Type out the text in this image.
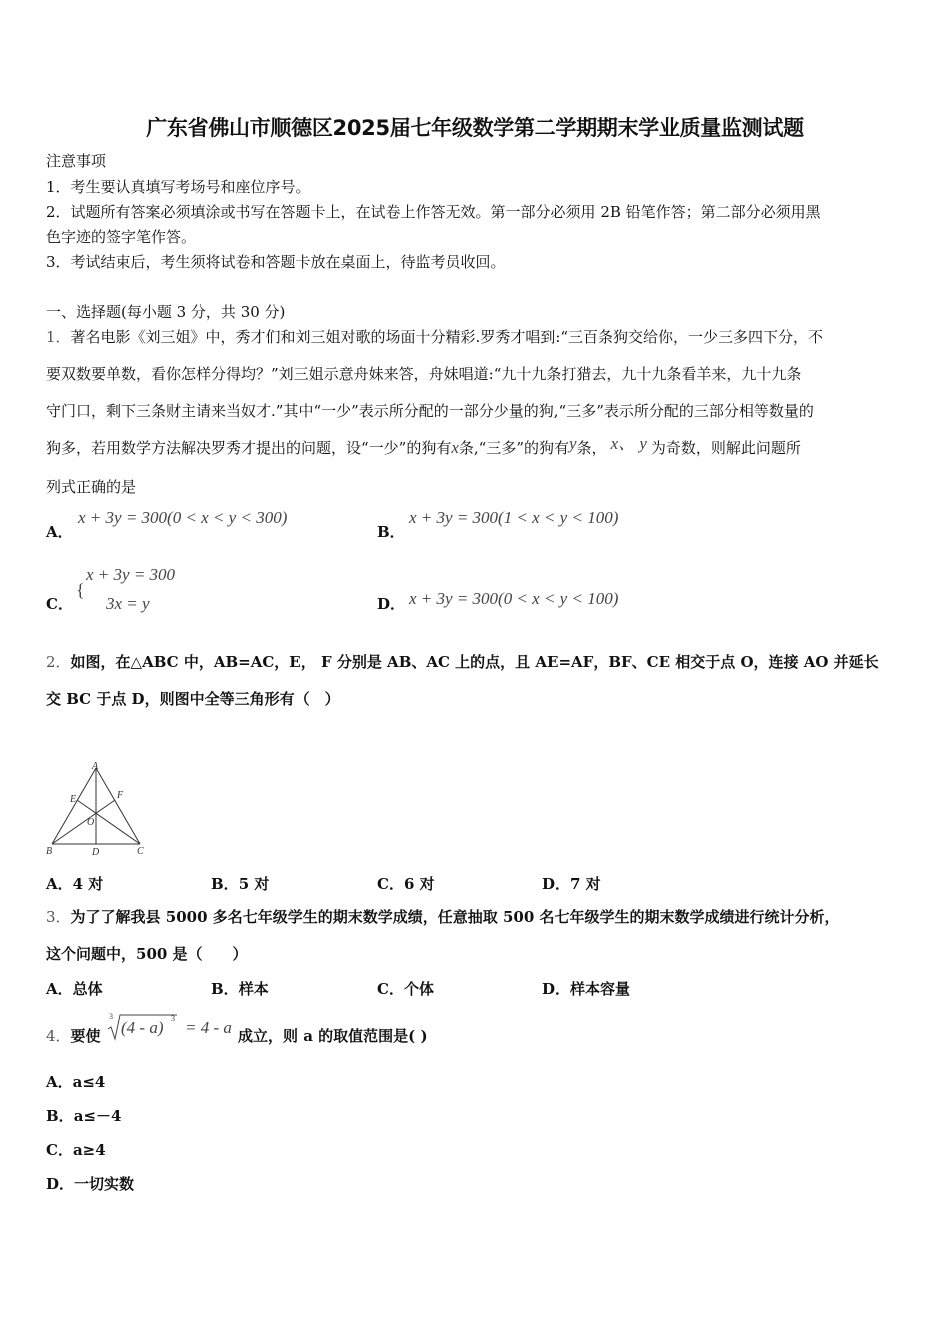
广东省佛山市顺德区2025届七年级数学第二学期期末学业质量监测试题
注意事项
1．考生要认真填写考场号和座位序号。
2．试题所有答案必须填涂或书写在答题卡上，在试卷上作答无效。第一部分必须用 2B 铅笔作答；第二部分必须用黑
色字迹的签字笔作答。
3．考试结束后，考生须将试卷和答题卡放在桌面上，待监考员收回。
一、选择题(每小题 3 分，共 30 分)
1．著名电影《刘三姐》中，秀才们和刘三姐对歌的场面十分精彩.罗秀才唱到:“三百条狗交给你，一少三多四下分，不
要双数要单数，看你怎样分得均？”刘三姐示意舟妹来答，舟妹唱道:“九十九条打猎去，九十九条看羊来，九十九条
守门口，剩下三条财主请来当奴才.”其中“一少”表示所分配的一部分少量的狗,“三多”表示所分配的三部分相等数量的
狗多，若用数学方法解决罗秀才提出的问题，设“一少”的狗有x条,“三多”的狗有y条， x、 y 为奇数，则解此问题所
列式正确的是
A．
x + 3y = 300(0 < x < y < 300)
B．
x + 3y = 300(1 < x < y < 100)
C．
{
x + 3y = 300
3x = y	D． x + 3y = 300(0 < x < y < 100)
2．如图，在△ABC 中，AB=AC，E， F 分别是 AB、AC 上的点，且 AE=AF，BF、CE 相交于点 O，连接 AO 并延长
交 BC 于点 D，则图中全等三角形有（　）
A
B	C
D
E	F
O
A．4 对	B．5 对	C．6 对	D．7 对
3．为了了解我县 5000 多名七年级学生的期末数学成绩，任意抽取 500 名七年级学生的期末数学成绩进行统计分析，
这个问题中，500 是（　　）
A．总体	B．样本	C．个体	D．样本容量
4．要使
3
(4 - a) 3 = 4 - a 成立，则 a 的取值范围是( )
A．a≤4
B．a≤－4
C．a≥4
D．一切实数
